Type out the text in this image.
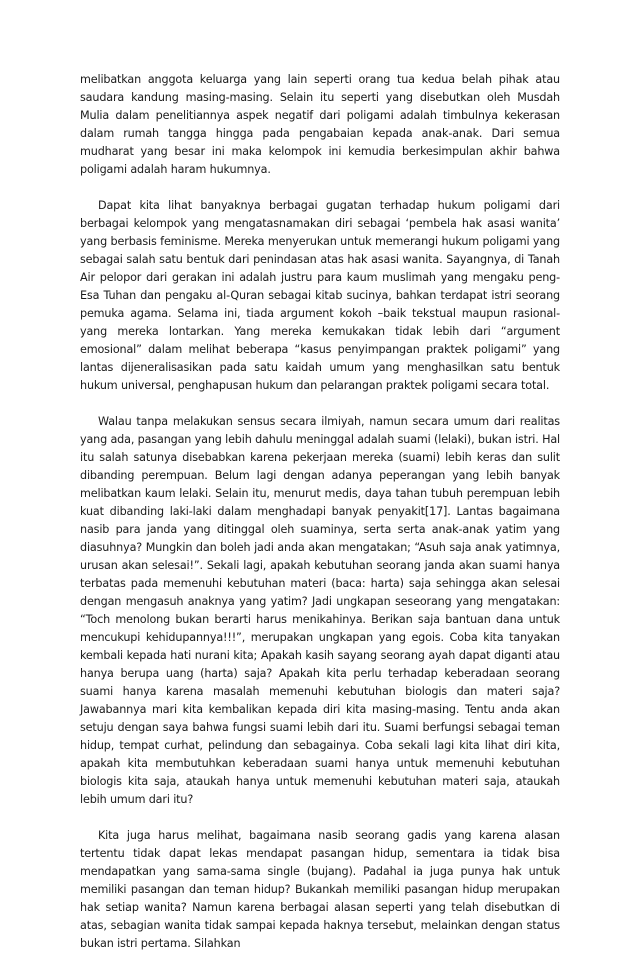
melibatkan anggota keluarga yang lain seperti orang tua kedua belah pihak atau saudara kandung masing-masing. Selain itu seperti yang disebutkan oleh Musdah Mulia dalam penelitiannya aspek negatif dari poligami adalah timbulnya kekerasan dalam rumah tangga hingga pada pengabaian kepada anak-anak. Dari semua mudharat yang besar ini maka kelompok ini kemudia berkesimpulan akhir bahwa poligami adalah haram hukumnya.

Dapat kita lihat banyaknya berbagai gugatan terhadap hukum poligami dari berbagai kelompok yang mengatasnamakan diri sebagai ‘pembela hak asasi wanita’ yang berbasis feminisme. Mereka menyerukan untuk memerangi hukum poligami yang sebagai salah satu bentuk dari penindasan atas hak asasi wanita. Sayangnya, di Tanah Air pelopor dari gerakan ini adalah justru para kaum muslimah yang mengaku peng-Esa Tuhan dan pengaku al-Quran sebagai kitab sucinya, bahkan terdapat istri seorang pemuka agama. Selama ini, tiada argument kokoh –baik tekstual maupun rasional- yang mereka lontarkan. Yang mereka kemukakan tidak lebih dari “argument emosional” dalam melihat beberapa “kasus penyimpangan praktek poligami” yang lantas dijeneralisasikan pada satu kaidah umum yang menghasilkan satu bentuk hukum universal, penghapusan hukum dan pelarangan praktek poligami secara total.

Walau tanpa melakukan sensus secara ilmiyah, namun secara umum dari realitas yang ada, pasangan yang lebih dahulu meninggal adalah suami (lelaki), bukan istri. Hal itu salah satunya disebabkan karena pekerjaan mereka (suami) lebih keras dan sulit dibanding perempuan. Belum lagi dengan adanya peperangan yang lebih banyak melibatkan kaum lelaki. Selain itu, menurut medis, daya tahan tubuh perempuan lebih kuat dibanding laki-laki dalam menghadapi banyak penyakit[17]. Lantas bagaimana nasib para janda yang ditinggal oleh suaminya, serta serta anak-anak yatim yang diasuhnya? Mungkin dan boleh jadi anda akan mengatakan; “Asuh saja anak yatimnya, urusan akan selesai!”. Sekali lagi, apakah kebutuhan seorang janda akan suami hanya terbatas pada memenuhi kebutuhan materi (baca: harta) saja sehingga akan selesai dengan mengasuh anaknya yang yatim? Jadi ungkapan seseorang yang mengatakan: “Toch menolong bukan berarti harus menikahinya. Berikan saja bantuan dana untuk mencukupi kehidupannya!!!”, merupakan ungkapan yang egois. Coba kita tanyakan kembali kepada hati nurani kita; Apakah kasih sayang seorang ayah dapat diganti atau hanya berupa uang (harta) saja? Apakah kita perlu terhadap keberadaan seorang suami hanya karena masalah memenuhi kebutuhan biologis dan materi saja? Jawabannya mari kita kembalikan kepada diri kita masing-masing. Tentu anda akan setuju dengan saya bahwa fungsi suami lebih dari itu. Suami berfungsi sebagai teman hidup, tempat curhat, pelindung dan sebagainya. Coba sekali lagi kita lihat diri kita, apakah kita membutuhkan keberadaan suami hanya untuk memenuhi kebutuhan biologis kita saja, ataukah hanya untuk memenuhi kebutuhan materi saja, ataukah lebih umum dari itu?

Kita juga harus melihat, bagaimana nasib seorang gadis yang karena alasan tertentu tidak dapat lekas mendapat pasangan hidup, sementara ia tidak bisa mendapatkan yang sama-sama single (bujang). Padahal ia juga punya hak untuk memiliki pasangan dan teman hidup? Bukankah memiliki pasangan hidup merupakan hak setiap wanita? Namun karena berbagai alasan seperti yang telah disebutkan di atas, sebagian wanita tidak sampai kepada haknya tersebut, melainkan dengan status bukan istri pertama. Silahkan
